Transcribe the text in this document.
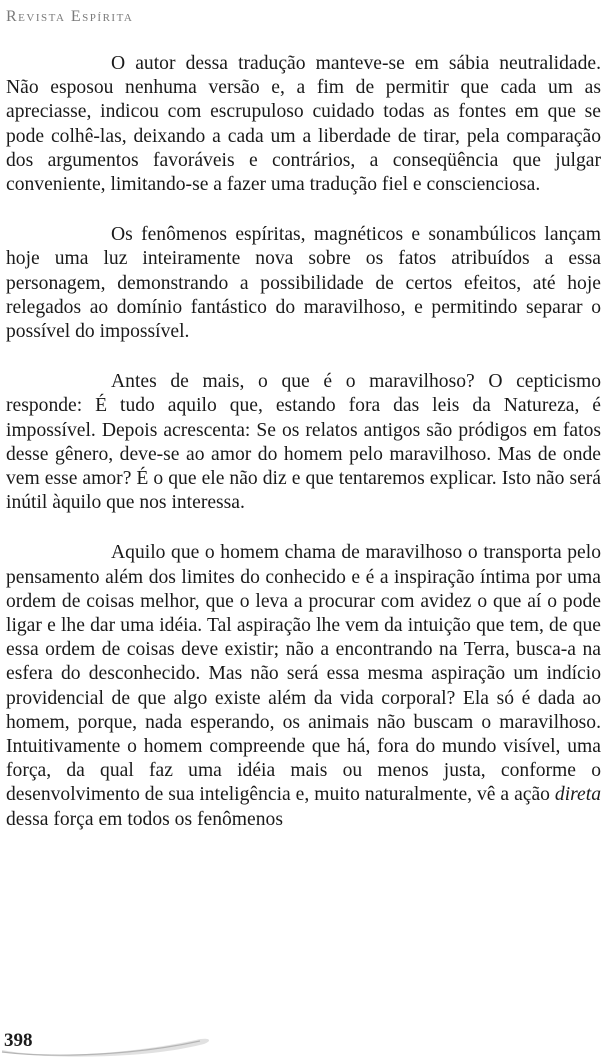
Revista Espírita

O autor dessa tradução manteve-se em sábia neutralidade. Não esposou nenhuma versão e, a fim de permitir que cada um as apreciasse, indicou com escrupuloso cuidado todas as fontes em que se pode colhê-las, deixando a cada um a liberdade de tirar, pela comparação dos argumentos favoráveis e contrários, a conseqüência que julgar conveniente, limitando-se a fazer uma tradução fiel e conscienciosa.

Os fenômenos espíritas, magnéticos e sonambúlicos lançam hoje uma luz inteiramente nova sobre os fatos atribuídos a essa personagem, demonstrando a possibilidade de certos efeitos, até hoje relegados ao domínio fantástico do maravilhoso, e permitindo separar o possível do impossível.

Antes de mais, o que é o maravilhoso? O cepticismo responde: É tudo aquilo que, estando fora das leis da Natureza, é impossível. Depois acrescenta: Se os relatos antigos são pródigos em fatos desse gênero, deve-se ao amor do homem pelo maravilhoso. Mas de onde vem esse amor? É o que ele não diz e que tentaremos explicar. Isto não será inútil àquilo que nos interessa.

Aquilo que o homem chama de maravilhoso o transporta pelo pensamento além dos limites do conhecido e é a inspiração íntima por uma ordem de coisas melhor, que o leva a procurar com avidez o que aí o pode ligar e lhe dar uma idéia. Tal aspiração lhe vem da intuição que tem, de que essa ordem de coisas deve existir; não a encontrando na Terra, busca-a na esfera do desconhecido. Mas não será essa mesma aspiração um indício providencial de que algo existe além da vida corporal? Ela só é dada ao homem, porque, nada esperando, os animais não buscam o maravilhoso. Intuitivamente o homem compreende que há, fora do mundo visível, uma força, da qual faz uma idéia mais ou menos justa, conforme o desenvolvimento de sua inteligência e, muito naturalmente, vê a ação direta dessa força em todos os fenômenos

398
